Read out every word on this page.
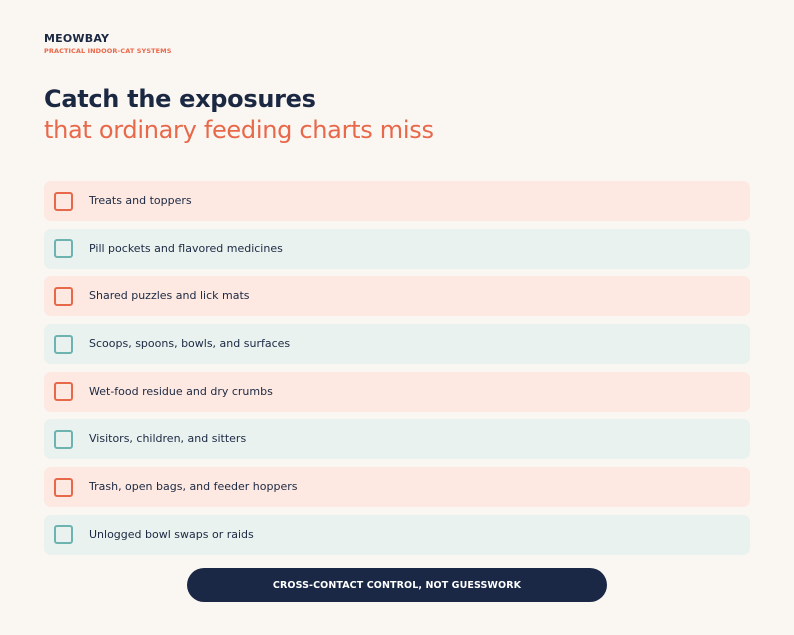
MEOWBAY
PRACTICAL INDOOR-CAT SYSTEMS
Catch the exposures
that ordinary feeding charts miss
Treats and toppers
Pill pockets and flavored medicines
Shared puzzles and lick mats
Scoops, spoons, bowls, and surfaces
Wet-food residue and dry crumbs
Visitors, children, and sitters
Trash, open bags, and feeder hoppers
Unlogged bowl swaps or raids
CROSS-CONTACT CONTROL, NOT GUESSWORK
